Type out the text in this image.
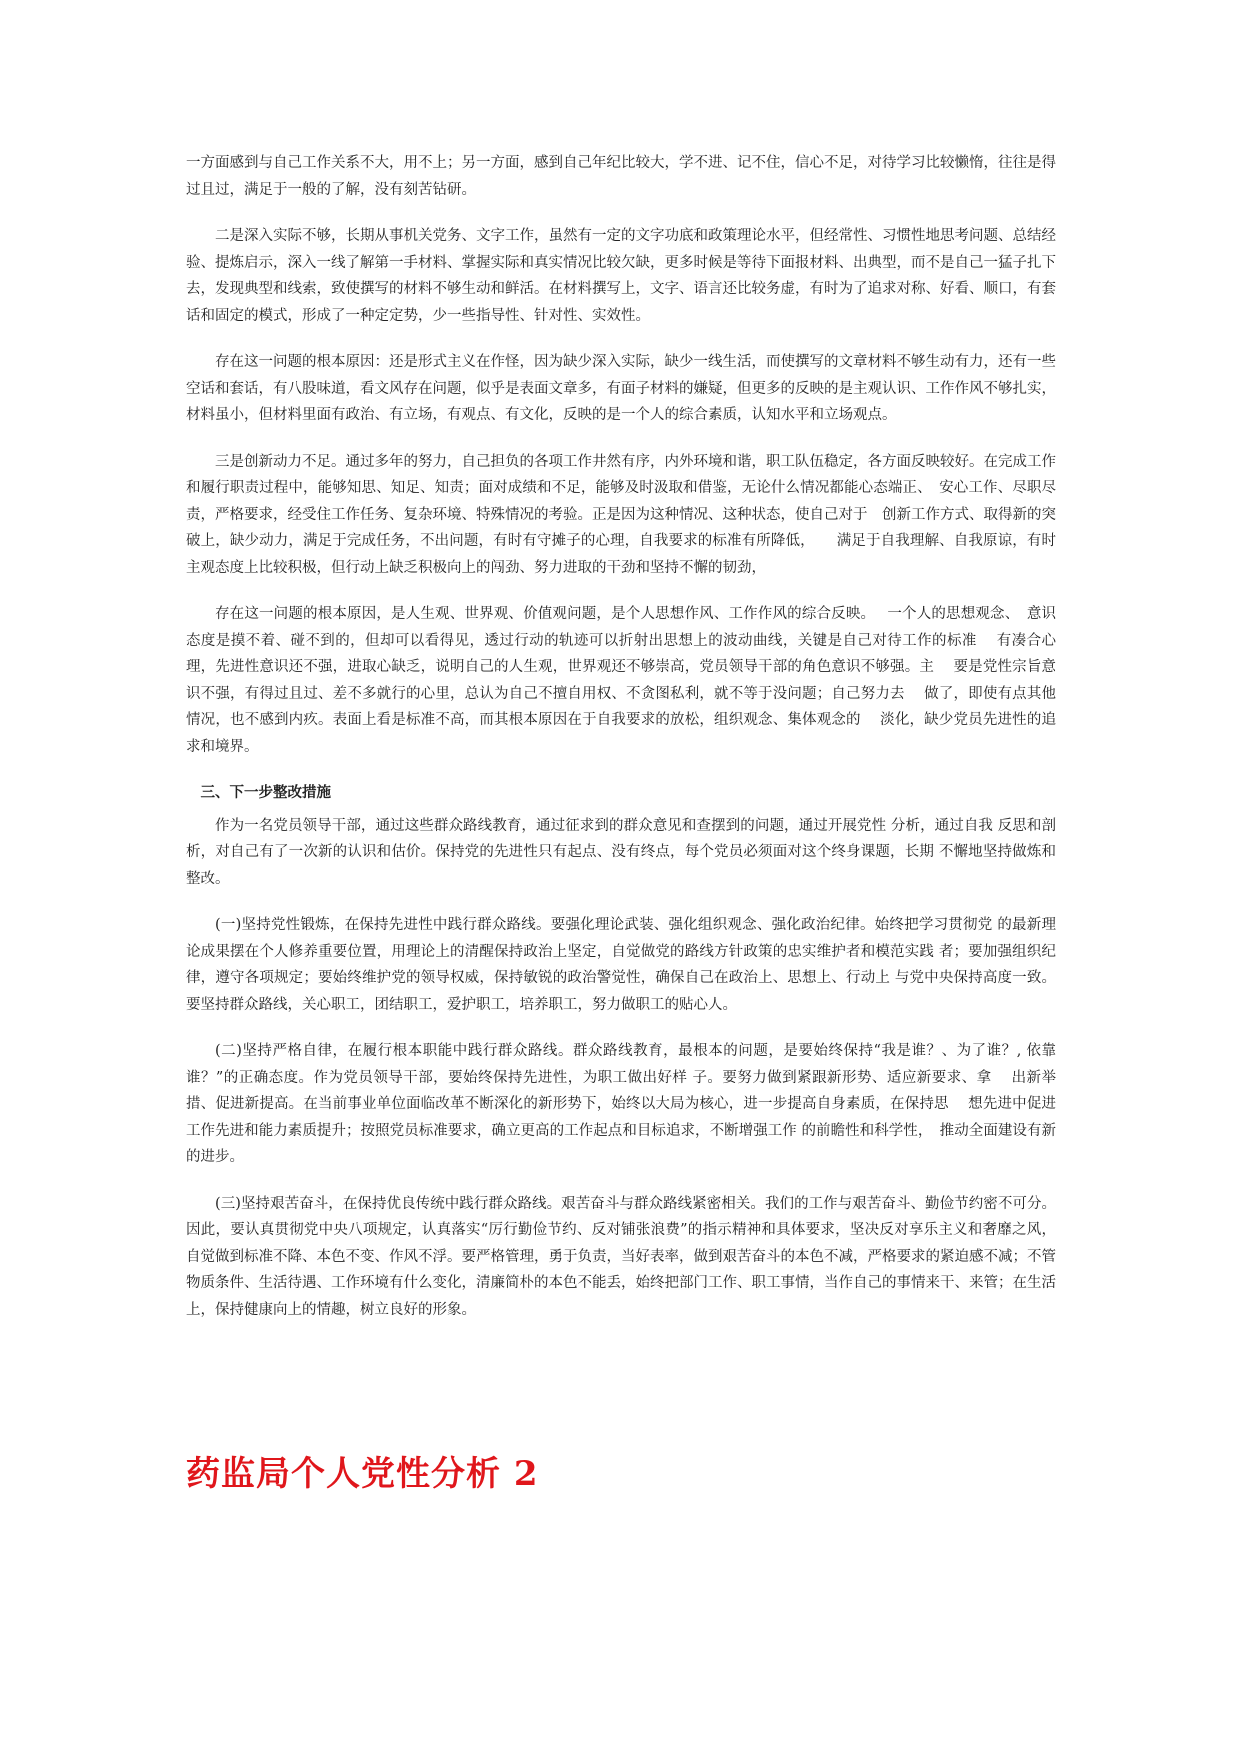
一方面感到与自己工作关系不大，用不上；另一方面，感到自己年纪比较大，学不进、记不住，信心不足，对待学习比较懒惰，往往是得过且过，满足于一般的了解，没有刻苦钻研。

二是深入实际不够，长期从事机关党务、文字工作，虽然有一定的文字功底和政策理论水平，但经常性、习惯性地思考问题、总结经验、提炼启示，深入一线了解第一手材料、掌握实际和真实情况比较欠缺，更多时候是等待下面报材料、出典型，而不是自己一猛子扎下去，发现典型和线索，致使撰写的材料不够生动和鲜活。在材料撰写上，文字、语言还比较务虚，有时为了追求对称、好看、顺口，有套话和固定的模式，形成了一种定定势，少一些指导性、针对性、实效性。

存在这一问题的根本原因：还是形式主义在作怪，因为缺少深入实际，缺少一线生活，而使撰写的文章材料不够生动有力，还有一些空话和套话，有八股味道，看文风存在问题，似乎是表面文章多，有面子材料的嫌疑，但更多的反映的是主观认识、工作作风不够扎实，材料虽小，但材料里面有政治、有立场，有观点、有文化，反映的是一个人的综合素质，认知水平和立场观点。

三是创新动力不足。通过多年的努力，自己担负的各项工作井然有序，内外环境和谐，职工队伍稳定，各方面反映较好。在完成工作和履行职责过程中，能够知思、知足、知责；面对成绩和不足，能够及时汲取和借鉴，无论什么情况都能心态端正、　安心工作、尽职尽责，严格要求，经受住工作任务、复杂环境、特殊情况的考验。正是因为这种情况、这种状态，使自己对于　创新工作方式、取得新的突破上，缺少动力，满足于完成任务，不出问题，有时有守摊子的心理，自我要求的标准有所降低，　　满足于自我理解、自我原谅，有时主观态度上比较积极，但行动上缺乏积极向上的闯劲、努力进取的干劲和坚持不懈的韧劲，

存在这一问题的根本原因，是人生观、世界观、价值观问题，是个人思想作风、工作作风的综合反映。　 一个人的思想观念、　意识态度是摸不着、碰不到的，但却可以看得见，透过行动的轨迹可以折射出思想上的波动曲线，关键是自己对待工作的标准　 有凑合心理，先进性意识还不强，进取心缺乏，说明自己的人生观，世界观还不够崇高，党员领导干部的角色意识不够强。主　 要是党性宗旨意识不强，有得过且过、差不多就行的心里，总认为自己不擅自用权、不贪图私利，就不等于没问题；自己努力去　 做了，即使有点其他情况，也不感到内疚。表面上看是标准不高，而其根本原因在于自我要求的放松，组织观念、集体观念的　 淡化，缺少党员先进性的追求和境界。

三、下一步整改措施

作为一名党员领导干部，通过这些群众路线教育，通过征求到的群众意见和查摆到的问题，通过开展党性 分析，通过自我 反思和剖析，对自己有了一次新的认识和估价。保持党的先进性只有起点、没有终点，每个党员必须面对这个终身课题，长期 不懈地坚持做炼和整改。

(一)坚持党性锻炼，在保持先进性中践行群众路线。要强化理论武装、强化组织观念、强化政治纪律。始终把学习贯彻党 的最新理论成果摆在个人修养重要位置，用理论上的清醒保持政治上坚定，自觉做党的路线方针政策的忠实维护者和模范实践 者；要加强组织纪律，遵守各项规定；要始终维护党的领导权威，保持敏锐的政治警觉性，确保自己在政治上、思想上、行动上 与党中央保持高度一致。要坚持群众路线，关心职工，团结职工，爱护职工，培养职工，努力做职工的贴心人。

(二)坚持严格自律，在履行根本职能中践行群众路线。群众路线教育，最根本的问题，是要始终保持“我是谁？、为了谁？, 依靠谁？”的正确态度。作为党员领导干部，要始终保持先进性，为职工做出好样 子。要努力做到紧跟新形势、适应新要求、拿　 出新举措、促进新提高。在当前事业单位面临改革不断深化的新形势下，始终以大局为核心，进一步提高自身素质，在保持思　 想先进中促进工作先进和能力素质提升；按照党员标准要求，确立更高的工作起点和目标追求，不断增强工作 的前瞻性和科学性，　推动全面建设有新的进步。

(三)坚持艰苦奋斗，在保持优良传统中践行群众路线。艰苦奋斗与群众路线紧密相关。我们的工作与艰苦奋斗、勤俭节约密不可分。因此，要认真贯彻党中央八项规定，认真落实“厉行勤俭节约、反对铺张浪费”的指示精神和具体要求，坚决反对享乐主义和奢靡之风，自觉做到标准不降、本色不变、作风不浮。要严格管理，勇于负责，当好表率，做到艰苦奋斗的本色不减，严格要求的紧迫感不减；不管物质条件、生活待遇、工作环境有什么变化，清廉简朴的本色不能丢，始终把部门工作、职工事情，当作自己的事情来干、来管；在生活上，保持健康向上的情趣，树立良好的形象。

药监局个人党性分析 2
